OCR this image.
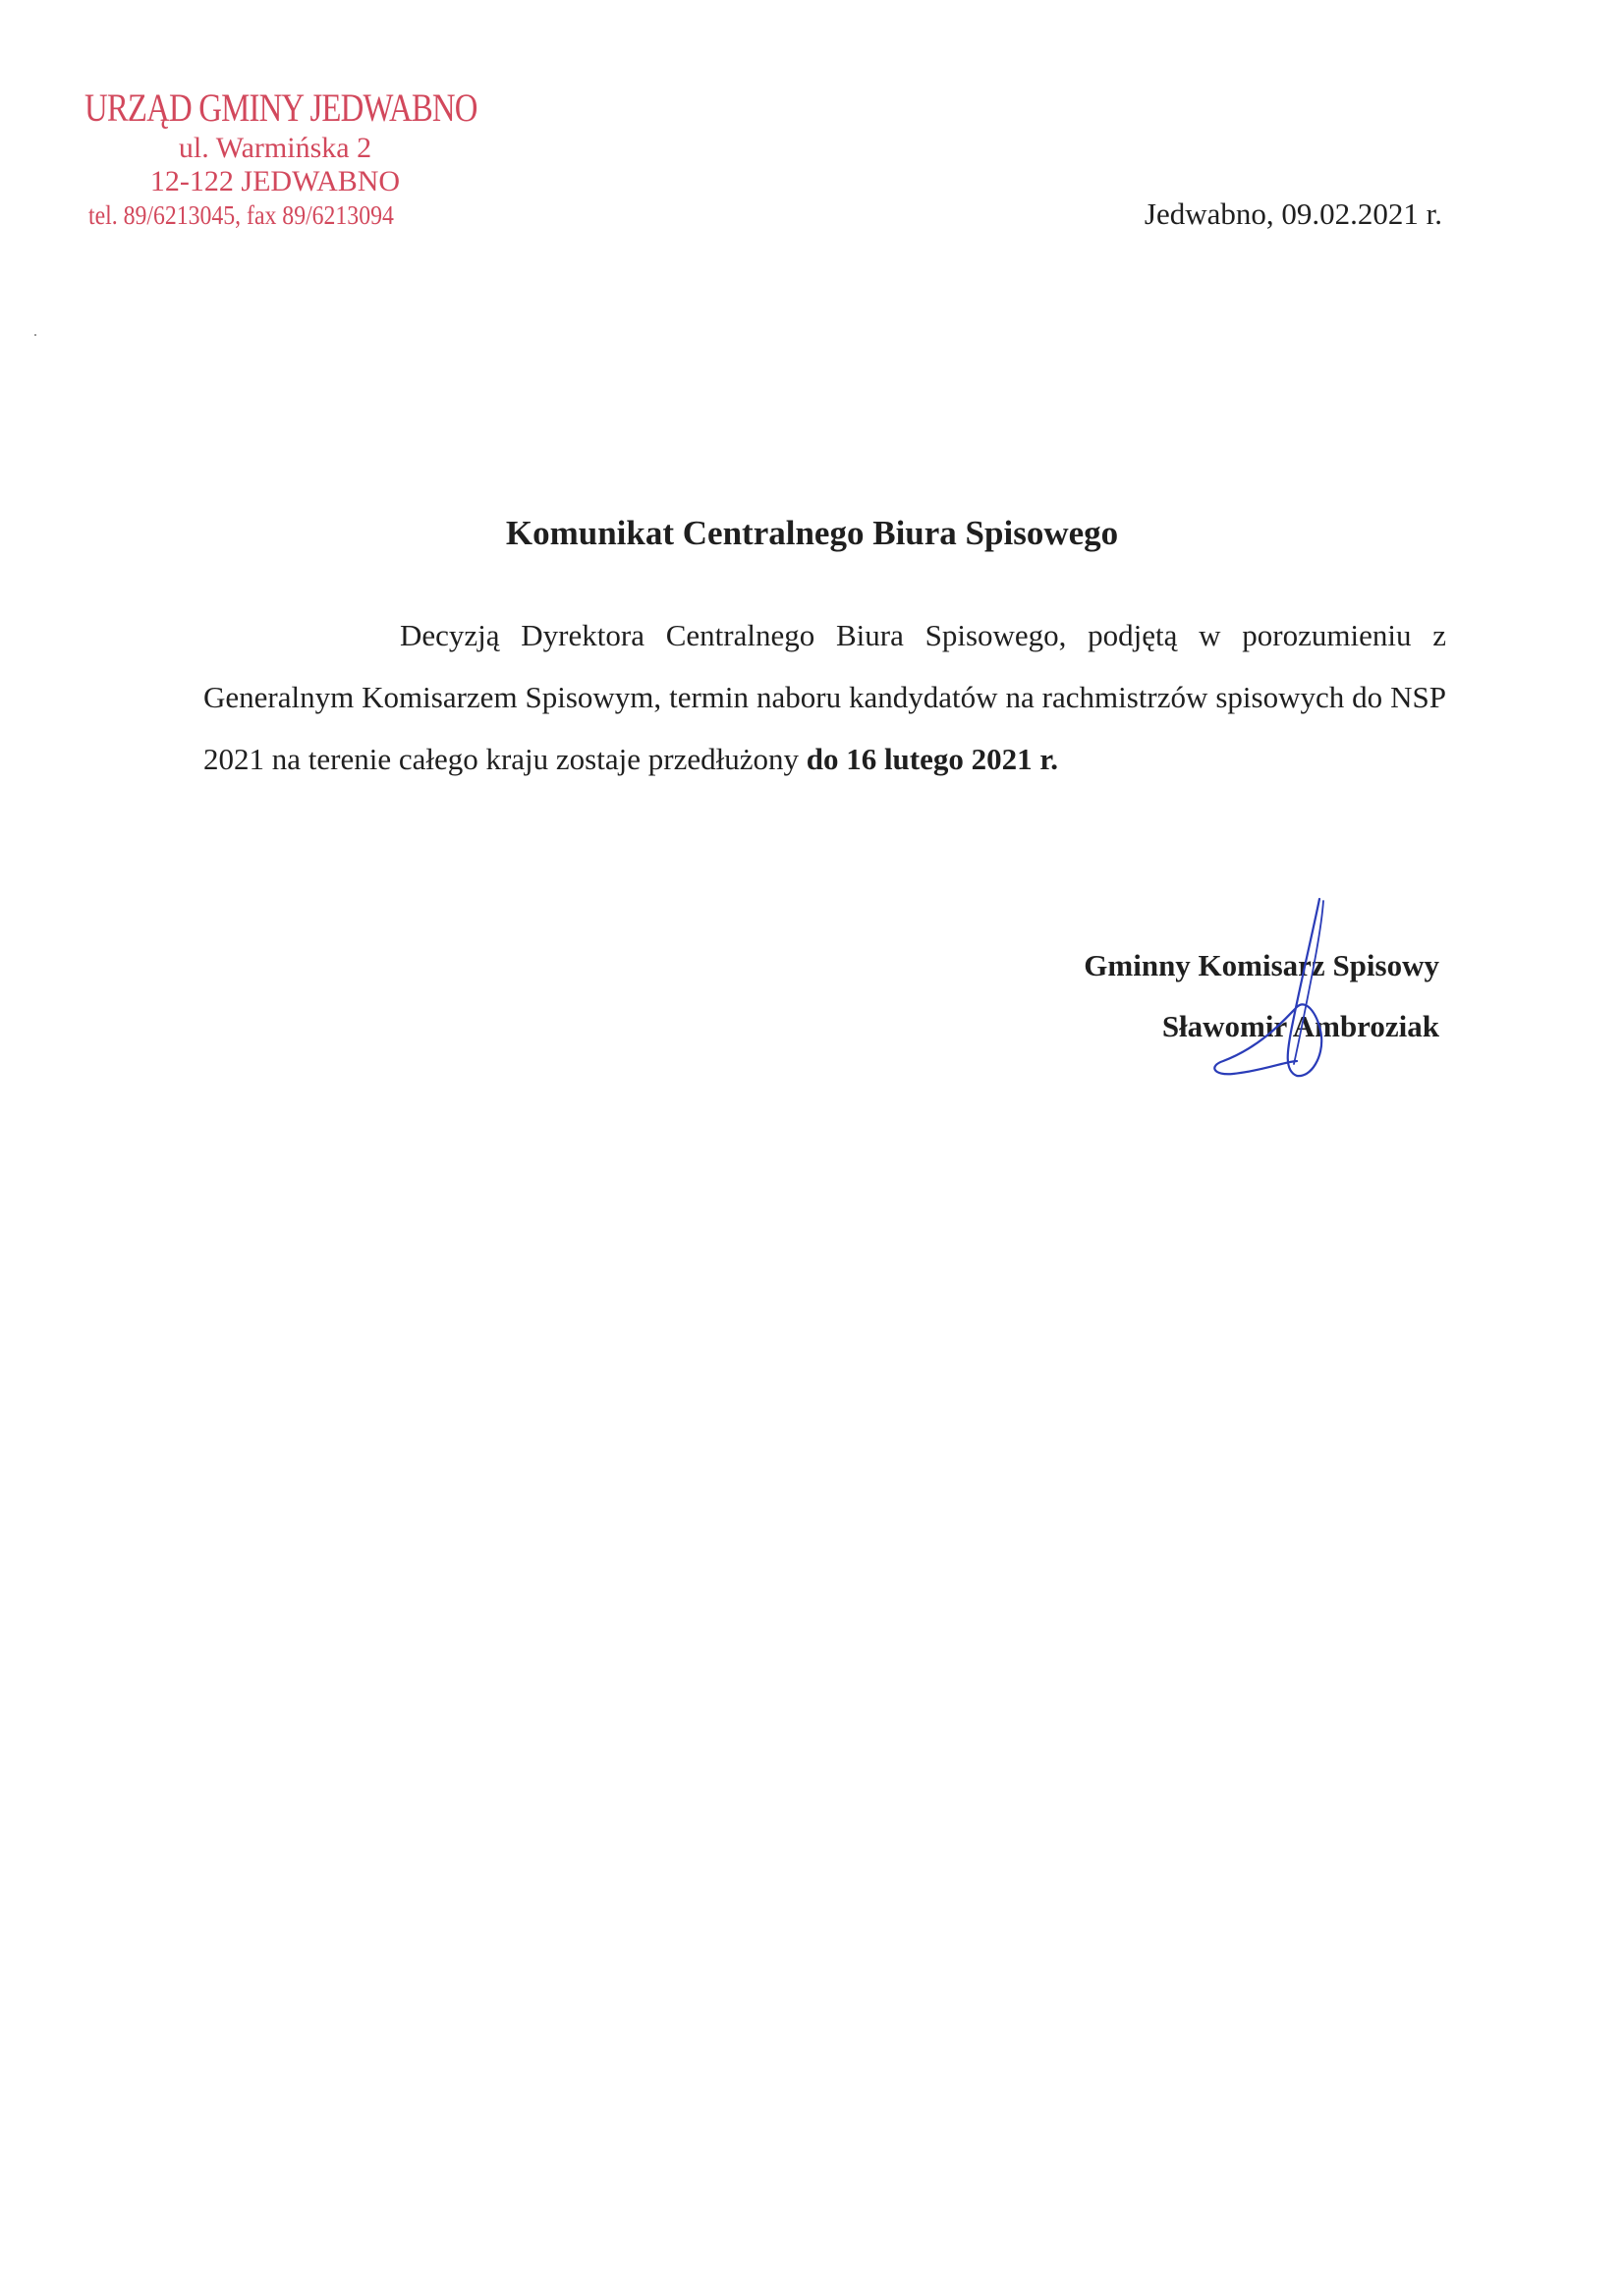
URZĄD GMINY JEDWABNO
ul. Warmińska 2
12-122 JEDWABNO
tel. 89/6213045, fax 89/6213094	Jedwabno, 09.02.2021 r.
Komunikat Centralnego Biura Spisowego

Decyzją Dyrektora Centralnego Biura Spisowego, podjętą w porozumieniu z Generalnym Komisarzem Spisowym, termin naboru kandydatów na rachmistrzów spisowych do NSP 2021 na terenie całego kraju zostaje przedłużony do 16 lutego 2021 r.

Gminny Komisarz Spisowy
Sławomir Ambroziak
